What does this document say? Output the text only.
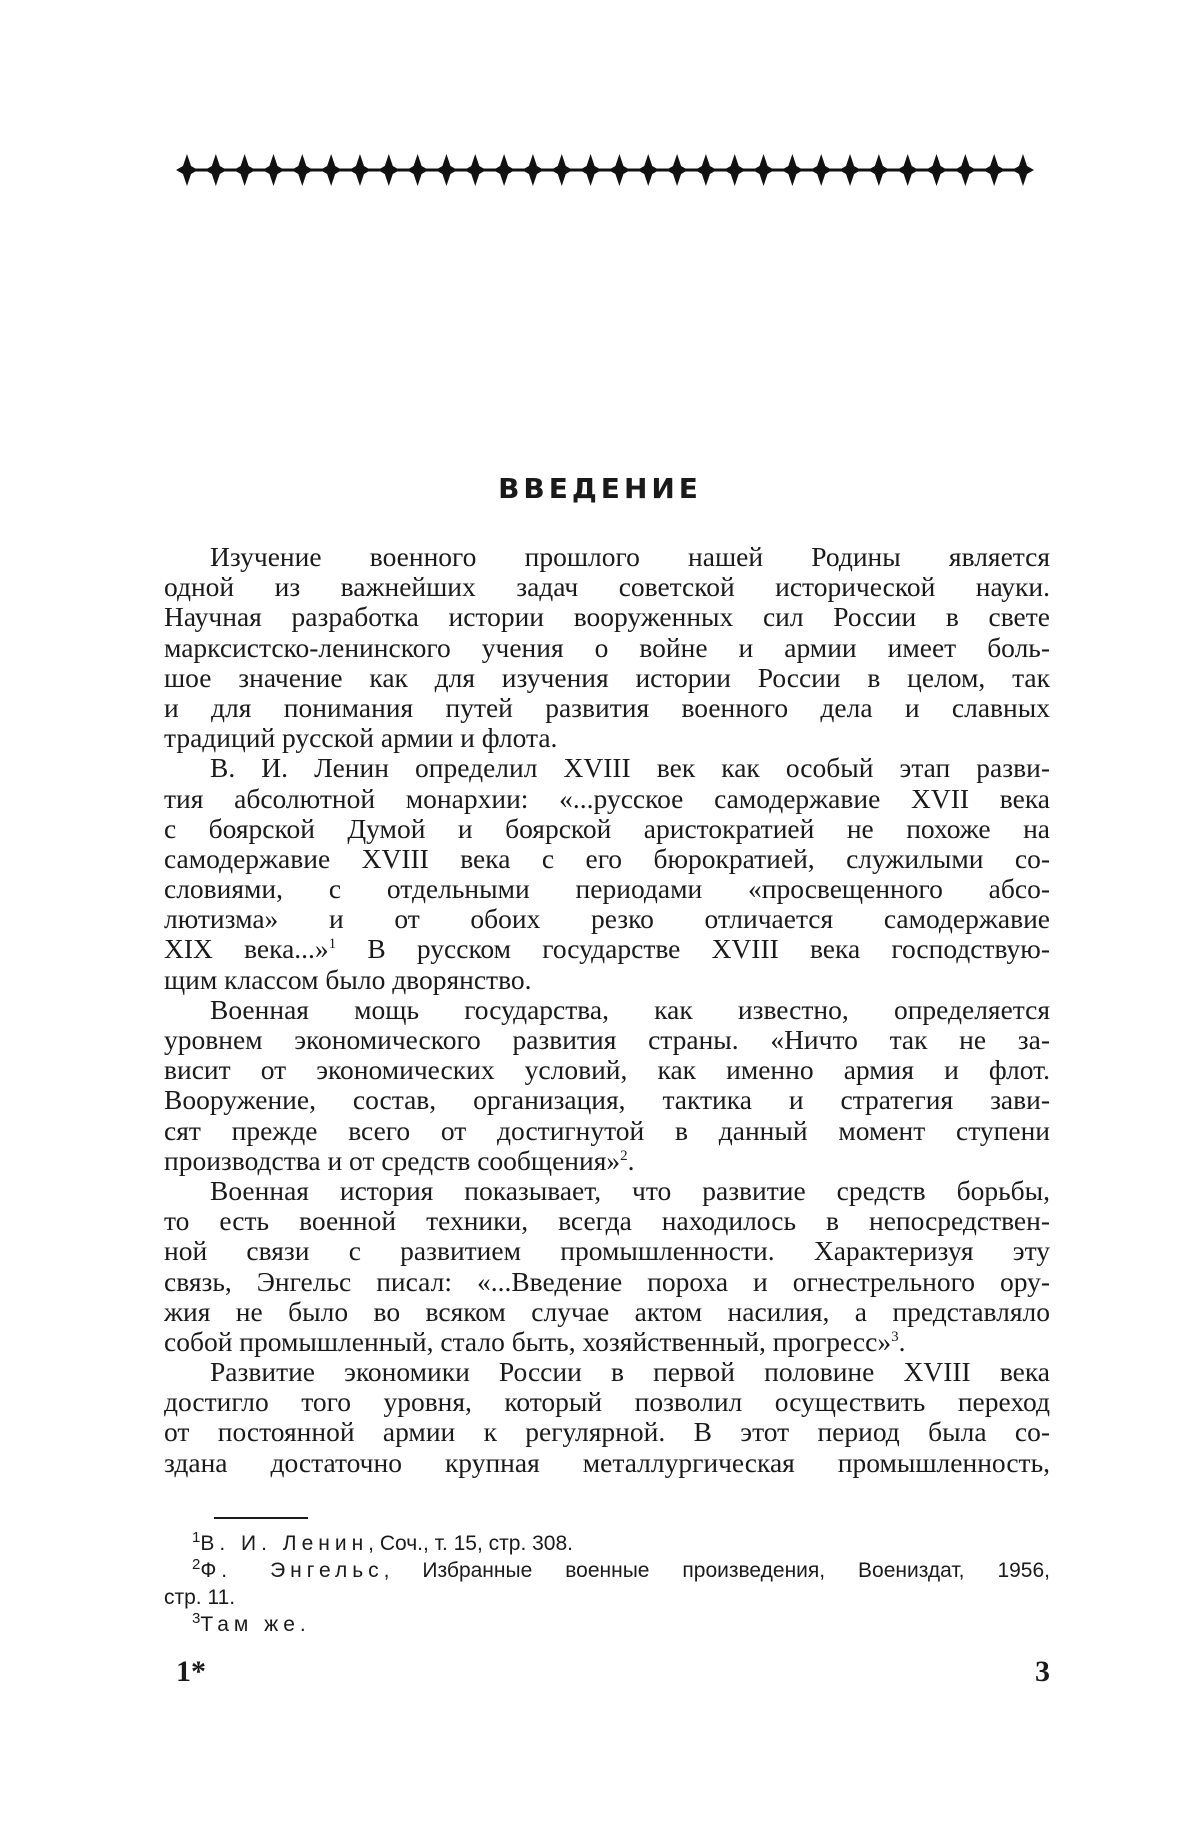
ВВЕДЕНИЕ
Изучение военного прошлого нашей Родины является
одной из важнейших задач советской исторической науки.
Научная разработка истории вооруженных сил России в свете
марксистско-ленинского учения о войне и армии имеет боль-
шое значение как для изучения истории России в целом, так
и для понимания путей развития военного дела и славных
традиций русской армии и флота.
В. И. Ленин определил XVIII век как особый этап разви-
тия абсолютной монархии: «...русское самодержавие XVII века
с боярской Думой и боярской аристократией не похоже на
самодержавие XVIII века с его бюрократией, служилыми со-
словиями, с отдельными периодами «просвещенного абсо-
лютизма» и от обоих резко отличается самодержавие
XIX века...»$^1$ В русском государстве XVIII века господствую-
щим классом было дворянство.
Военная мощь государства, как известно, определяется
уровнем экономического развития страны. «Ничто так не за-
висит от экономических условий, как именно армия и флот.
Вооружение, состав, организация, тактика и стратегия зави-
сят прежде всего от достигнутой в данный момент ступени
производства и от средств сообщения»$^2$.
Военная история показывает, что развитие средств борьбы,
то есть военной техники, всегда находилось в непосредствен-
ной связи с развитием промышленности. Характеризуя эту
связь, Энгельс писал: «...Введение пороха и огнестрельного ору-
жия не было во всяком случае актом насилия, а представляло
собой промышленный, стало быть, хозяйственный, прогресс»$^3$.
Развитие экономики России в первой половине XVIII века
достигло того уровня, который позволил осуществить переход
от постоянной армии к регулярной. В этот период была со-
здана достаточно крупная металлургическая промышленность,
$^1$В. И. Ленин, Соч., т. 15, стр. 308.
$^2$Ф. Энгельс, Избранные военные произведения, Воениздат, 1956,
стр. 11.
$^3$Там же.
1*	3
